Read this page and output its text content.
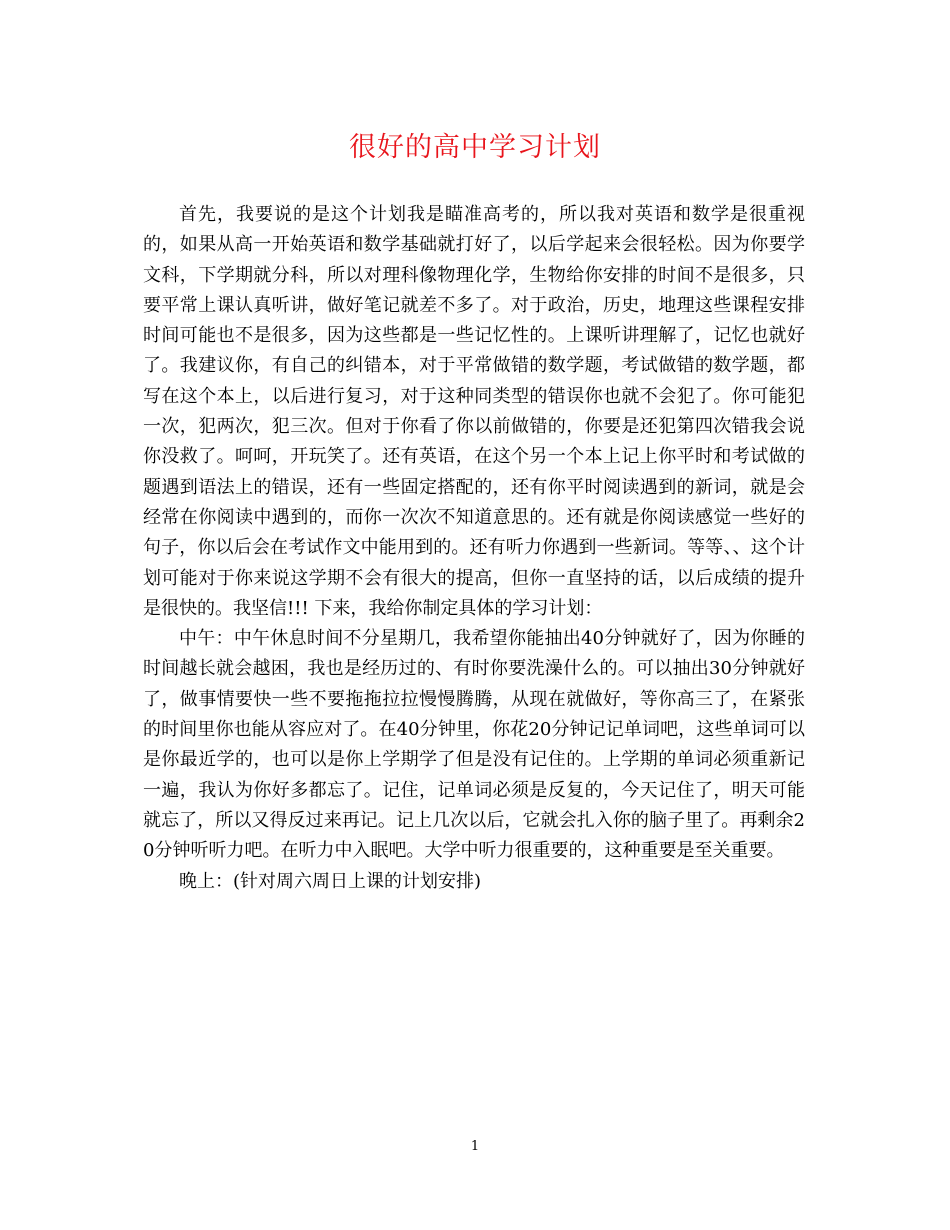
很好的高中学习计划

首先，我要说的是这个计划我是瞄准高考的，所以我对英语和数学是很重视的，如果从高一开始英语和数学基础就打好了，以后学起来会很轻松。因为你要学文科，下学期就分科，所以对理科像物理化学，生物给你安排的时间不是很多，只要平常上课认真听讲，做好笔记就差不多了。对于政治，历史，地理这些课程安排时间可能也不是很多，因为这些都是一些记忆性的。上课听讲理解了，记忆也就好了。我建议你，有自己的纠错本，对于平常做错的数学题，考试做错的数学题，都写在这个本上，以后进行复习，对于这种同类型的错误你也就不会犯了。你可能犯一次，犯两次，犯三次。但对于你看了你以前做错的，你要是还犯第四次错我会说你没救了。呵呵，开玩笑了。还有英语，在这个另一个本上记上你平时和考试做的题遇到语法上的错误，还有一些固定搭配的，还有你平时阅读遇到的新词，就是会经常在你阅读中遇到的，而你一次次不知道意思的。还有就是你阅读感觉一些好的句子，你以后会在考试作文中能用到的。还有听力你遇到一些新词。等等、、这个计划可能对于你来说这学期不会有很大的提高，但你一直坚持的话，以后成绩的提升是很快的。我坚信!!! 下来，我给你制定具体的学习计划：

中午：中午休息时间不分星期几，我希望你能抽出40分钟就好了，因为你睡的时间越长就会越困，我也是经历过的、有时你要洗澡什么的。可以抽出30分钟就好了，做事情要快一些不要拖拖拉拉慢慢腾腾，从现在就做好，等你高三了，在紧张的时间里你也能从容应对了。在40分钟里，你花20分钟记记单词吧，这些单词可以是你最近学的，也可以是你上学期学了但是没有记住的。上学期的单词必须重新记一遍，我认为你好多都忘了。记住，记单词必须是反复的，今天记住了，明天可能就忘了，所以又得反过来再记。记上几次以后，它就会扎入你的脑子里了。再剩余20分钟听听力吧。在听力中入眠吧。大学中听力很重要的，这种重要是至关重要。

晚上：(针对周六周日上课的计划安排)

1
